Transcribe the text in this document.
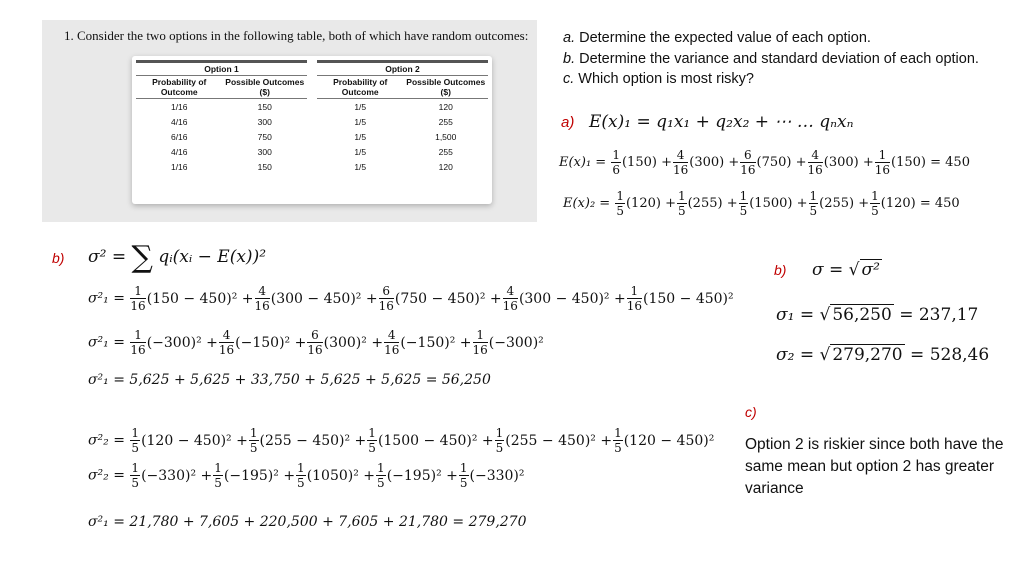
1. Consider the two options in the following table, both of which have random outcomes:
Option 1		Option 2	
Probability of Outcome	Possible Outcomes ($)	Probability of Outcome	Possible Outcomes ($)
1/16	150	1/5	120
4/16	300	1/5	255
6/16	750	1/5	1,500
4/16	300	1/5	255
1/16	150	1/5	120
a. Determine the expected value of each option.
b. Determine the variance and standard deviation of each option.
c. Which option is most risky?
a) E(x)₁ = q₁x₁ + q₂x₂ + ⋯ … qₙxₙ
$E(x)_1 = \frac{1}{6} (150) + \frac{4}{16} (300) + \frac{6}{16} (750) + \frac{4}{16} (300) + \frac{1}{16} (150) = 450$
$E(x)_2 = \frac{1}{5} (120) + \frac{1}{5} (255) + \frac{1}{5} (1500) + \frac{1}{5} (255) + \frac{1}{5} (120) = 450$
b) σ² = ∑ qᵢ(xᵢ − E(x))²
$\sigma^2_1 = \frac{1}{16} (150 - 450)^2 + \frac{4}{16} (300 - 450)^2 + \frac{6}{16} (750 - 450)^2 + \frac{4}{16} (300 - 450)^2 + \frac{1}{16} (150 - 450)^2$
$\sigma^2_1 = \frac{1}{16} (-300)^2 + \frac{4}{16} (-150)^2 + \frac{6}{16} (300)^2 + \frac{4}{16} (-150)^2 + \frac{1}{16} (-300)^2$
σ²₁ = 5,625 + 5,625 + 33,750 + 5,625 + 5,625 = 56,250
$\sigma^2_2 = \frac{1}{5} (120 - 450)^2 + \frac{1}{5} (255 - 450)^2 + \frac{1}{5} (1500 - 450)^2 + \frac{1}{5} (255 - 450)^2 + \frac{1}{5} (120 - 450)^2$
$\sigma^2_2 = \frac{1}{5} (-330)^2 + \frac{1}{5} (-195)^2 + \frac{1}{5} (1050)^2 + \frac{1}{5} (-195)^2 + \frac{1}{5} (-330)^2$
σ²₁ = 21,780 + 7,605 + 220,500 + 7,605 + 21,780 = 279,270
b) σ = √ σ²
σ₁ = √ 56,250 = 237,17
σ₂ = √ 279,270 = 528,46
c)
Option 2 is riskier since both have the same mean but option 2 has greater variance
